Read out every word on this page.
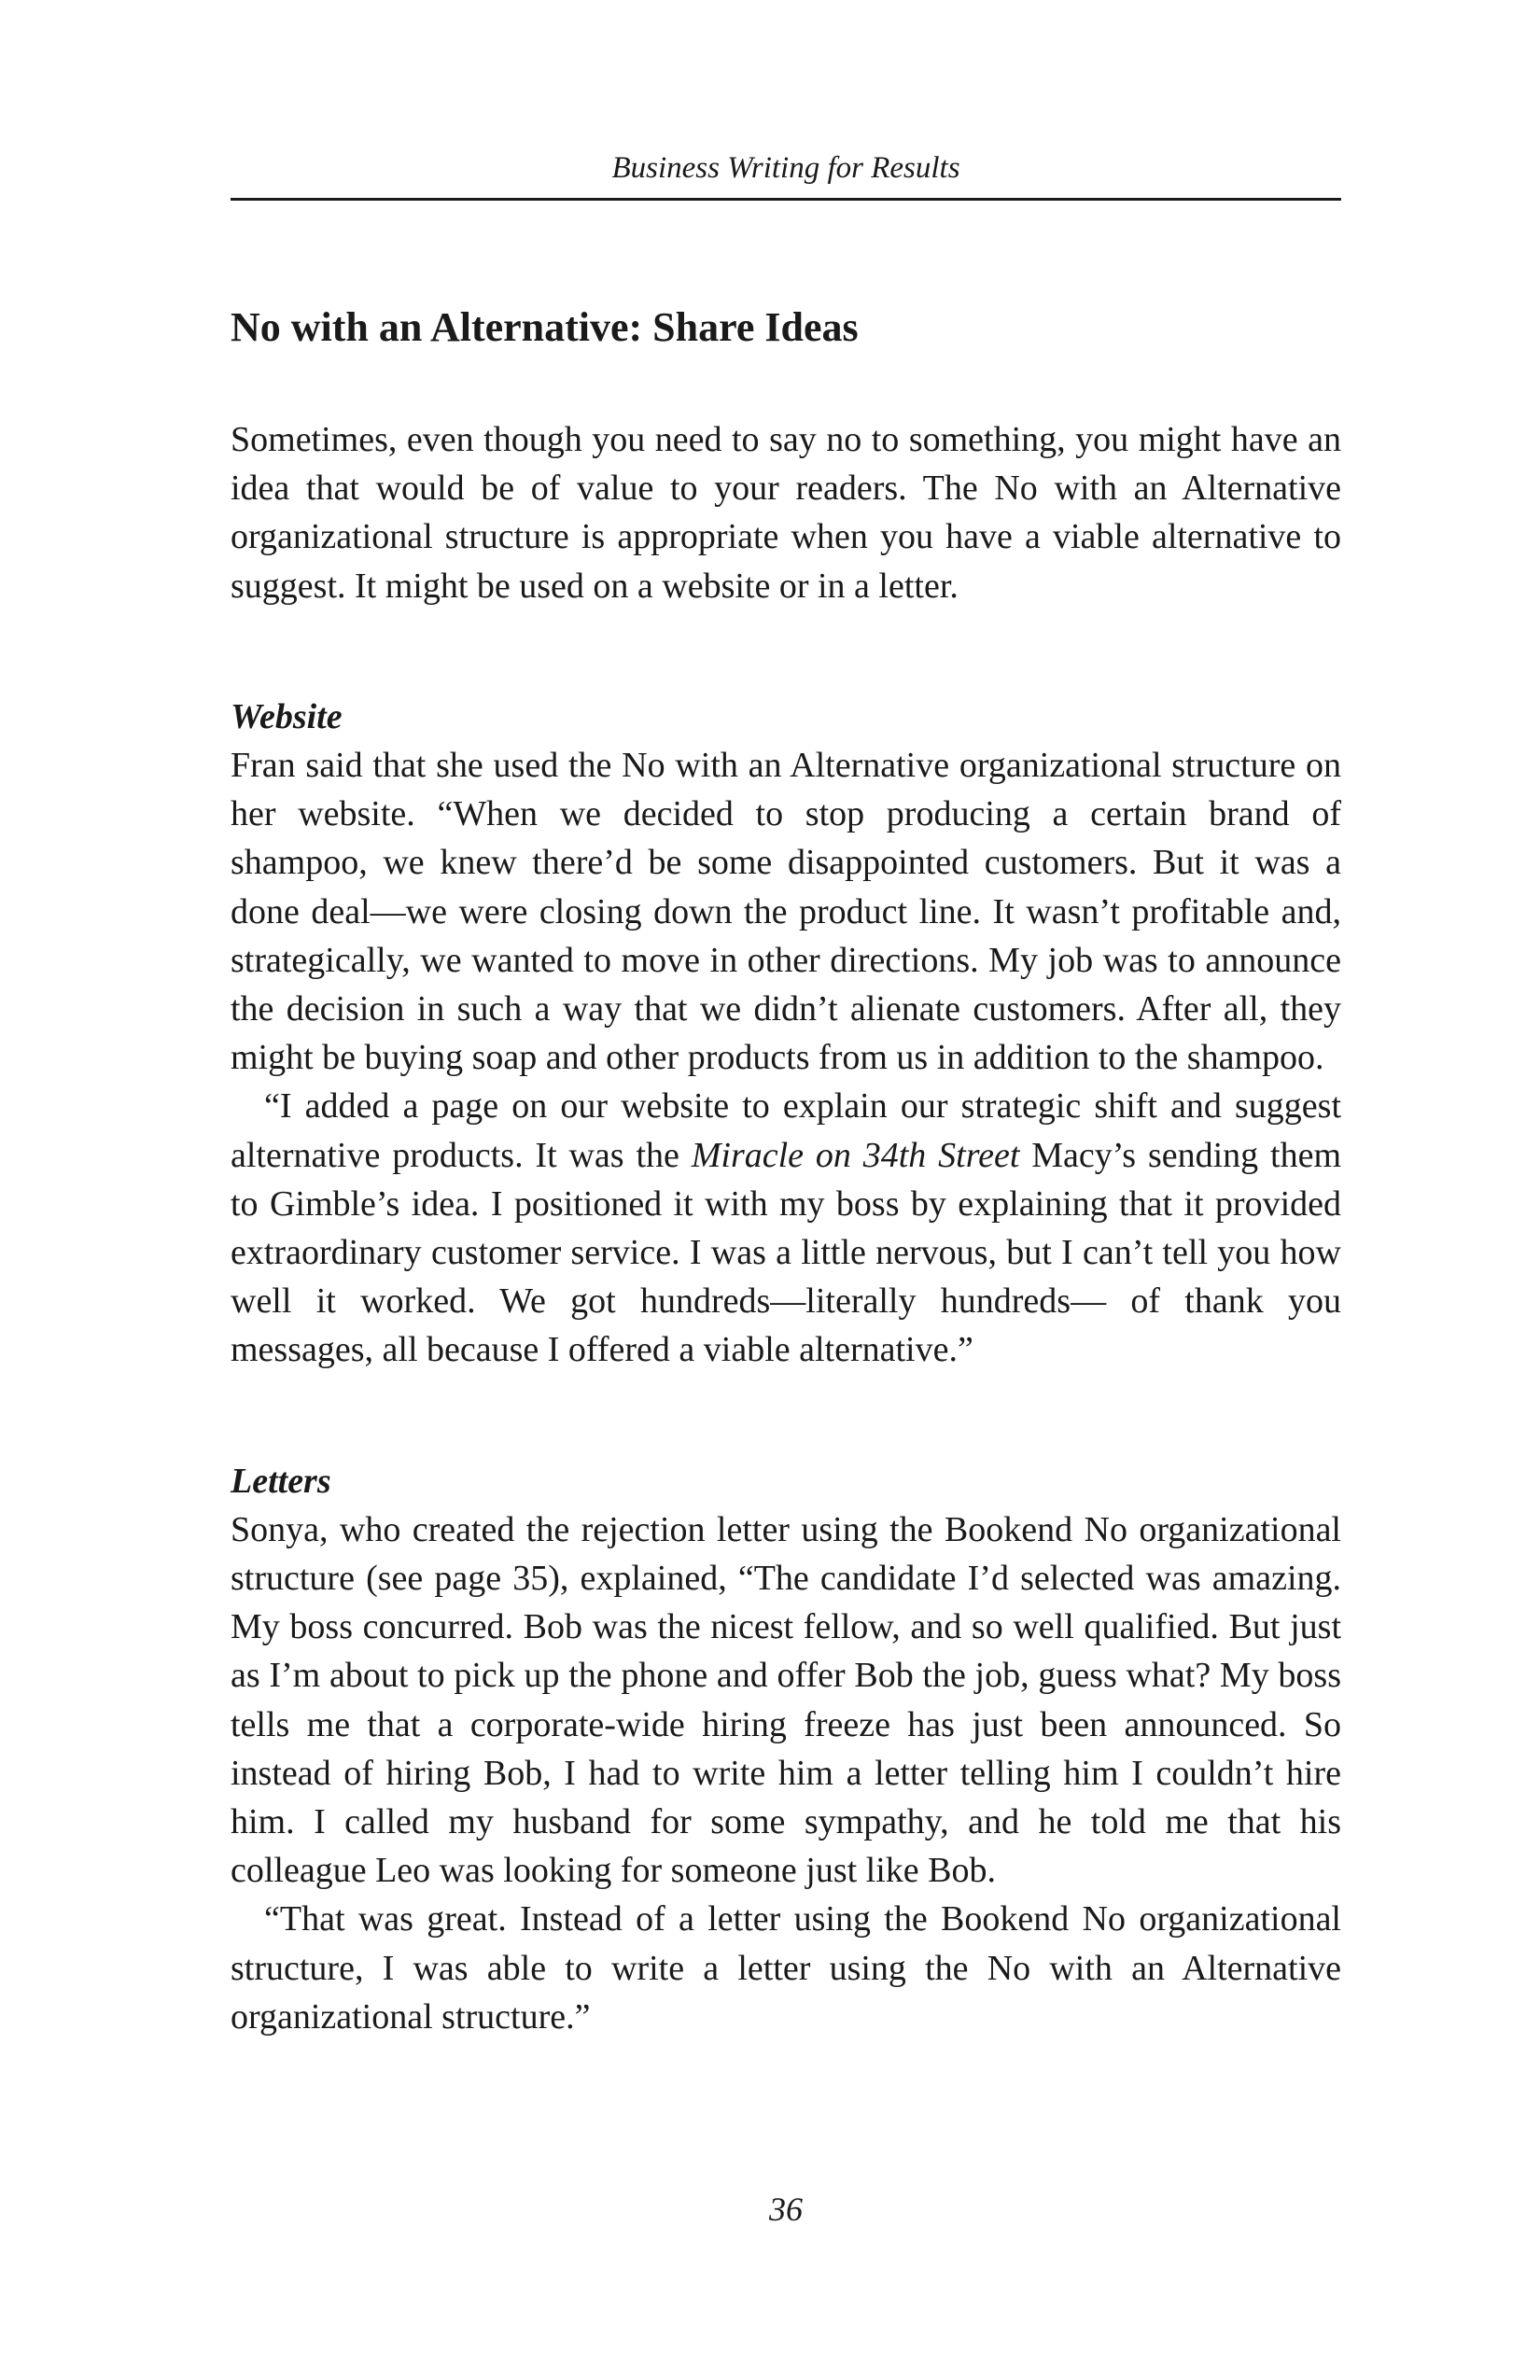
Business Writing for Results
No with an Alternative: Share Ideas

Sometimes, even though you need to say no to something, you might have an idea that would be of value to your readers. The No with an Alternative organizational structure is appropriate when you have a viable alternative to suggest. It might be used on a website or in a letter.

Website

Fran said that she used the No with an Alternative organizational structure on her website. “When we decided to stop producing a certain brand of shampoo, we knew there’d be some disappointed customers. But it was a done deal—we were closing down the product line. It wasn’t profitable and, strategically, we wanted to move in other directions. My job was to announce the decision in such a way that we didn’t alienate customers. After all, they might be buying soap and other products from us in addition to the shampoo.

“I added a page on our website to explain our strategic shift and suggest alternative products. It was the Miracle on 34th Street Macy’s sending them to Gimble’s idea. I positioned it with my boss by explaining that it provided extraordinary customer service. I was a little nervous, but I can’t tell you how well it worked. We got hundreds—literally hundreds— of thank you messages, all because I offered a viable alternative.”

Letters

Sonya, who created the rejection letter using the Bookend No organizational structure (see page 35), explained, “The candidate I’d selected was amazing. My boss concurred. Bob was the nicest fellow, and so well qualified. But just as I’m about to pick up the phone and offer Bob the job, guess what? My boss tells me that a corporate-wide hiring freeze has just been announced. So instead of hiring Bob, I had to write him a letter telling him I couldn’t hire him. I called my husband for some sympathy, and he told me that his colleague Leo was looking for someone just like Bob.

“That was great. Instead of a letter using the Bookend No organizational structure, I was able to write a letter using the No with an Alternative organizational structure.”

36
